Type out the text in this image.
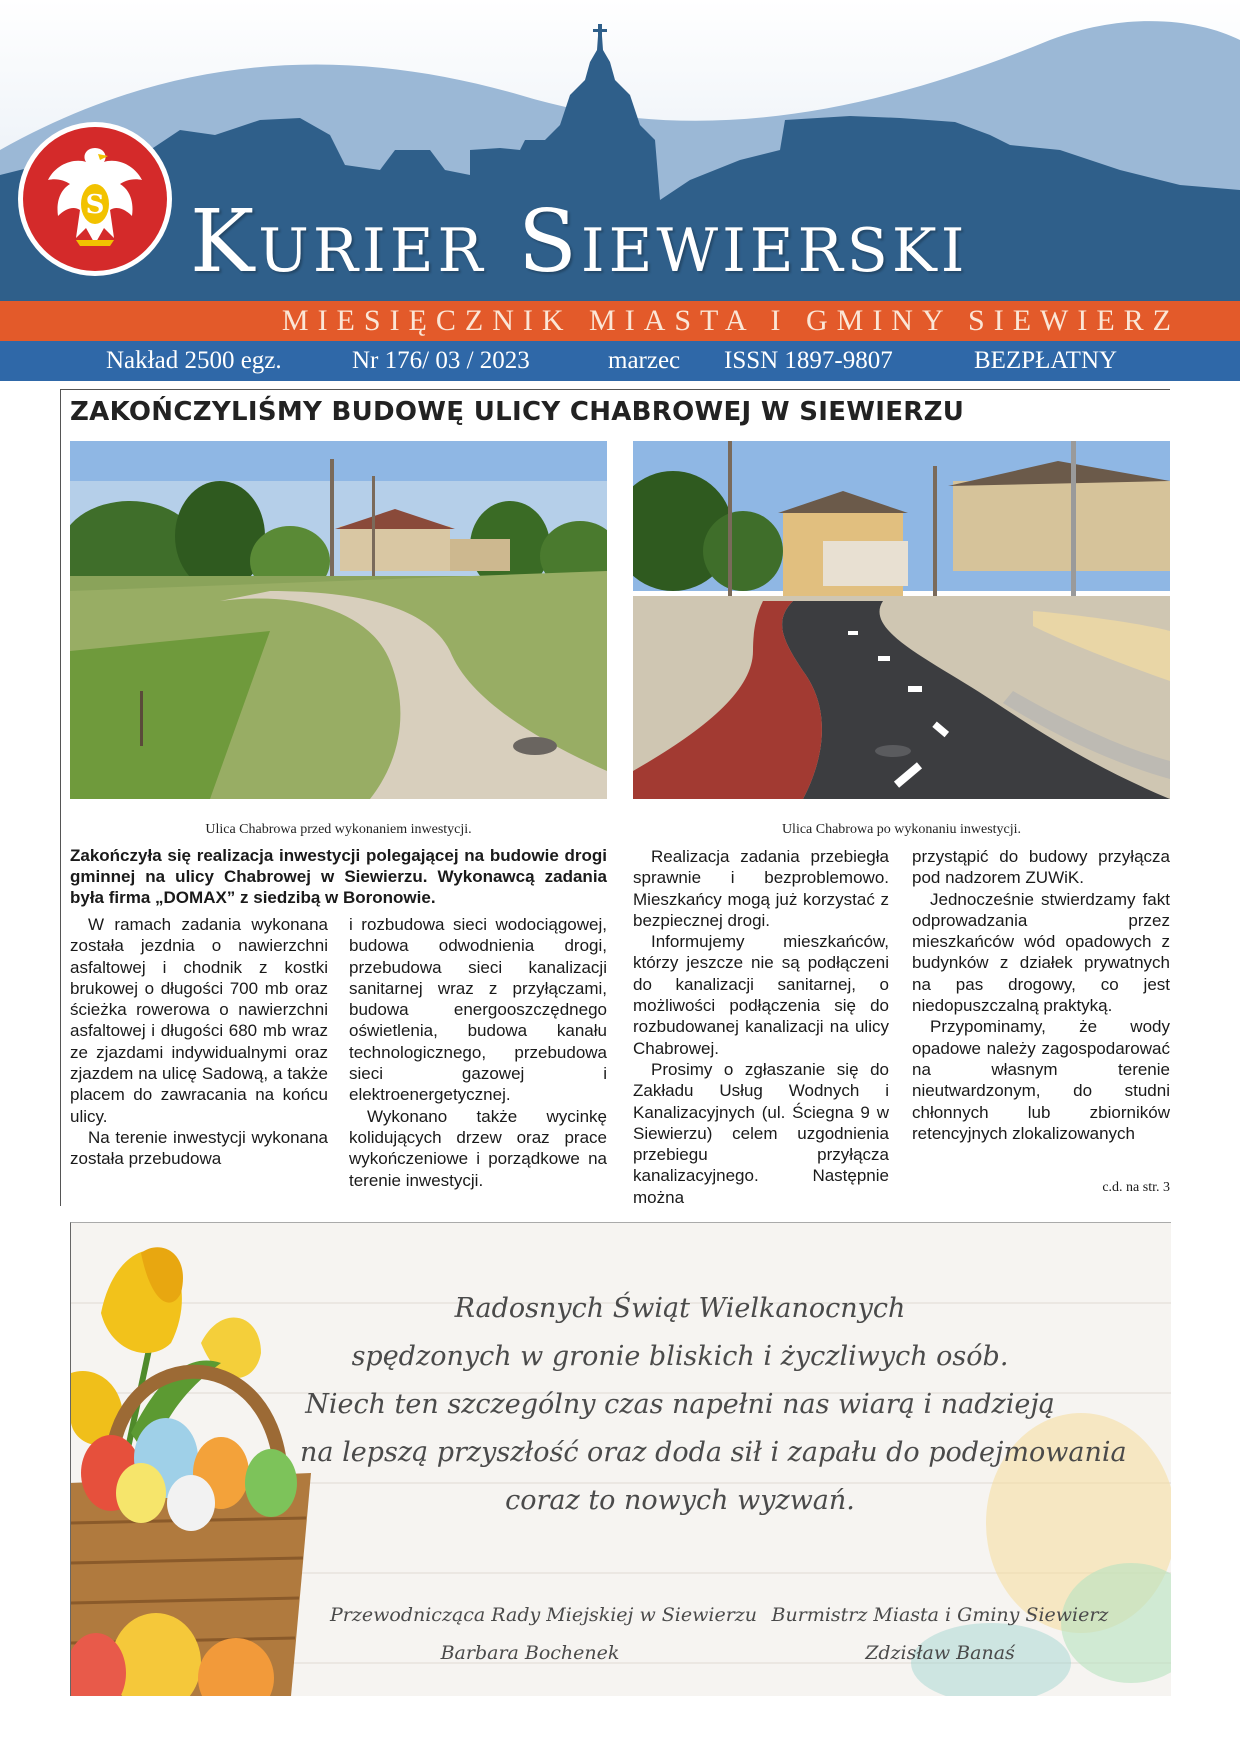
S Kurier Siewierski
MIESIĘCZNIK MIASTA I GMINY SIEWIERZ
Nakład 2500 egz.	Nr 176/ 03 / 2023	marzec ISSN 1897-9807	BEZPŁATNY
ZAKOŃCZYLIŚMY BUDOWĘ ULICY CHABROWEJ W SIEWIERZU
Ulica Chabrowa przed wykonaniem inwestycji.	Ulica Chabrowa po wykonaniu inwestycji.
Zakończyła się realizacja inwestycji polegającej na budowie drogi gminnej na ulicy Chabrowej w Siewierzu. Wykonawcą zadania była firma „DOMAX” z siedzibą w Boronowie.

W ramach zadania wykonana została jezdnia o nawierzchni asfaltowej i chodnik z kostki brukowej o długości 700 mb oraz ścieżka rowerowa o nawierzchni asfaltowej i długości 680 mb wraz ze zjazdami indywidualnymi oraz zjazdem na ulicę Sadową, a także placem do zawracania na końcu ulicy.

Na terenie inwestycji wykonana została przebudowa

i rozbudowa sieci wodociągowej, budowa odwodnienia drogi, przebudowa sieci kanalizacji sanitarnej wraz z przyłączami, budowa energooszczędnego oświetlenia, budowa kanału technologicznego, przebudowa sieci gazowej i elektroenergetycznej.

Wykonano także wycinkę kolidujących drzew oraz prace wykończeniowe i porządkowe na terenie inwestycji.

Realizacja zadania przebiegła sprawnie i bezproblemowo. Mieszkańcy mogą już korzystać z bezpiecznej drogi.

Informujemy mieszkańców, którzy jeszcze nie są podłączeni do kanalizacji sanitarnej, o możliwości podłączenia się do rozbudowanej kanalizacji na ulicy Chabrowej.

Prosimy o zgłaszanie się do Zakładu Usług Wodnych i Kanalizacyjnych (ul. Ściegna 9 w Siewierzu) celem uzgodnienia przebiegu przyłącza kanalizacyjnego. Następnie można

przystąpić do budowy przyłącza pod nadzorem ZUWiK.

Jednocześnie stwierdzamy fakt odprowadzania przez mieszkańców wód opadowych z budynków z działek prywatnych na pas drogowy, co jest niedopuszczalną praktyką.

Przypominamy, że wody opadowe należy zagospodarować na własnym terenie nieutwardzonym, do studni chłonnych lub zbiorników retencyjnych zlokalizowanych

c.d. na str. 3
Radosnych Świąt Wielkanocnych
spędzonych w gronie bliskich i życzliwych osób.
Niech ten szczególny czas napełni nas wiarą i nadzieją
na lepszą przyszłość oraz doda sił i zapału do podejmowania
coraz to nowych wyzwań.
Przewodnicząca Rady Miejskiej w Siewierzu
Barbara Bochenek
Burmistrz Miasta i Gminy Siewierz
Zdzisław Banaś
